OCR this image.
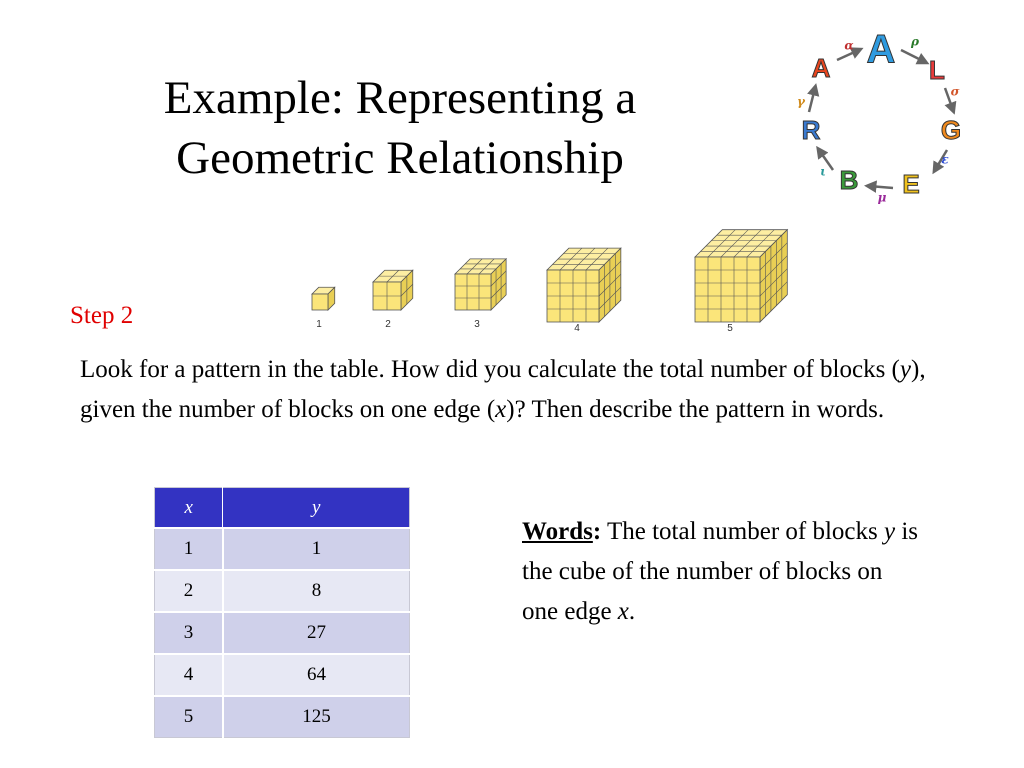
Example: Representing a
Geometric Relationship
A L
G
E
B
R
A
ρ
σ
ε
μ
ι
γ
α
1	2	3	4	5
Step 2
Look for a pattern in the table. How did you calculate the total number of blocks (y), given the number of blocks on one edge (x)? Then describe the pattern in words.
x	y
1	1
2	8
3	27
4	64
5	125
Words: The total number of blocks y is the cube of the number of blocks on one edge x.
